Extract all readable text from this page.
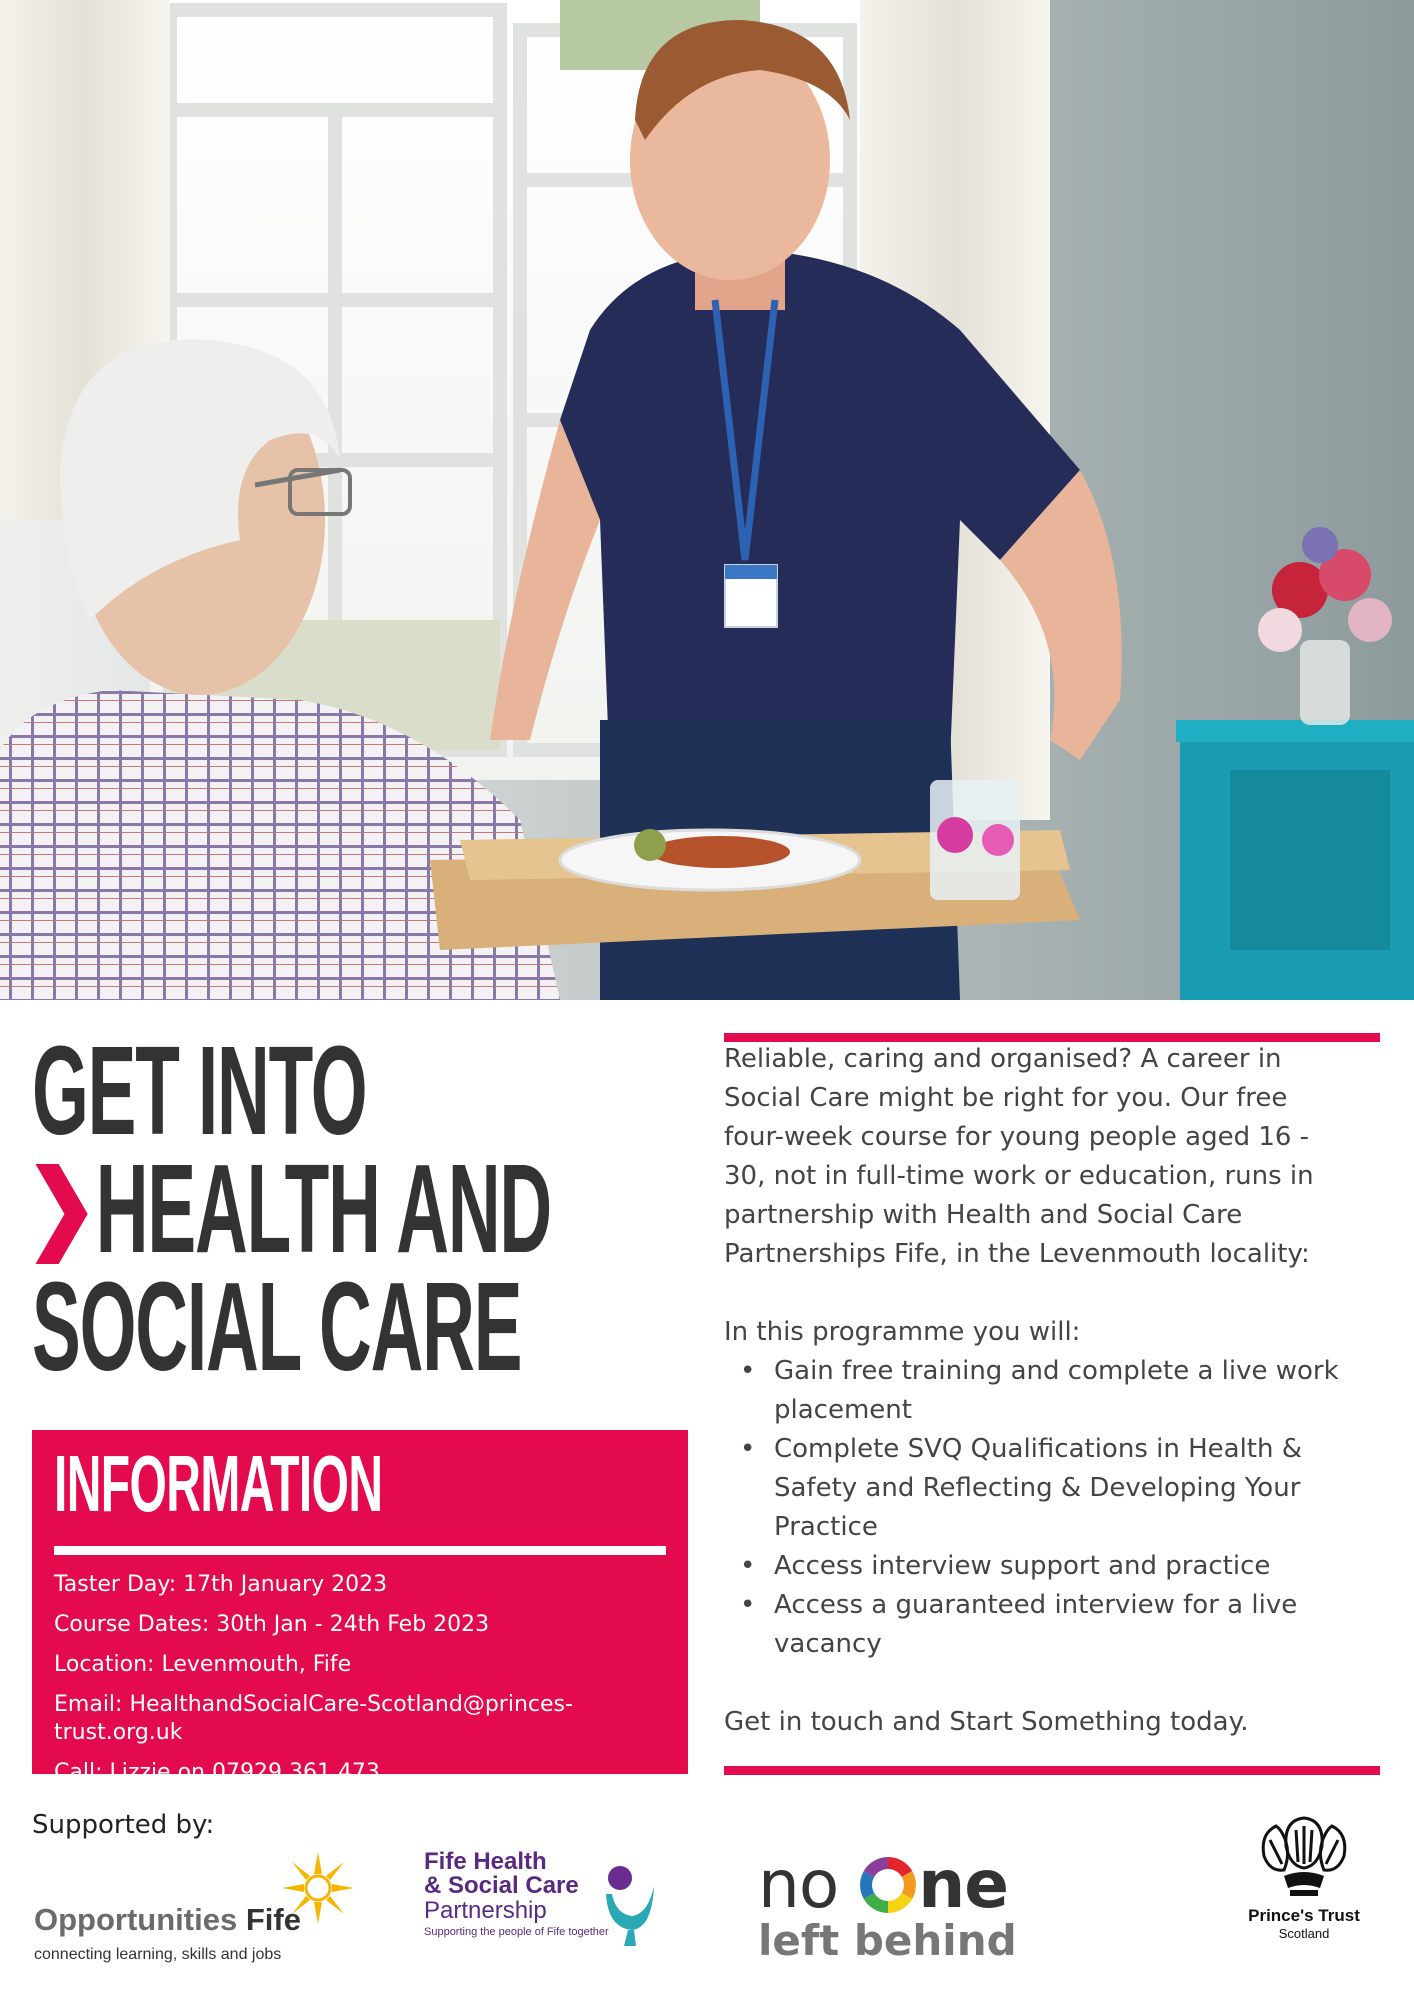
GET INTO
HEALTH AND
SOCIAL CARE
INFORMATION
Taster Day: 17th January 2023
Course Dates: 30th Jan - 24th Feb 2023
Location: Levenmouth, Fife
Email: HealthandSocialCare-Scotland@princes-
trust.org.uk
Call: Lizzie on 07929 361 473

Reliable, caring and organised? A career in

Social Care might be right for you. Our free

four-week course for young people aged 16 -

30, not in full-time work or education, runs in

partnership with Health and Social Care

Partnerships Fife, in the Levenmouth locality:

In this programme you will:

• Gain free training and complete a live work
placement
• Complete SVQ Qualifications in Health &
Safety and Reflecting & Developing Your
Practice
• Access interview support and practice
• Access a guaranteed interview for a live
vacancy

Get in touch and Start Something today.

Supported by:
Opportunities Fife
connecting learning, skills and jobs
Fife Health
& Social Care
Partnership
Supporting the people of Fife together
no ne
left behind
Prince's Trust
Scotland
